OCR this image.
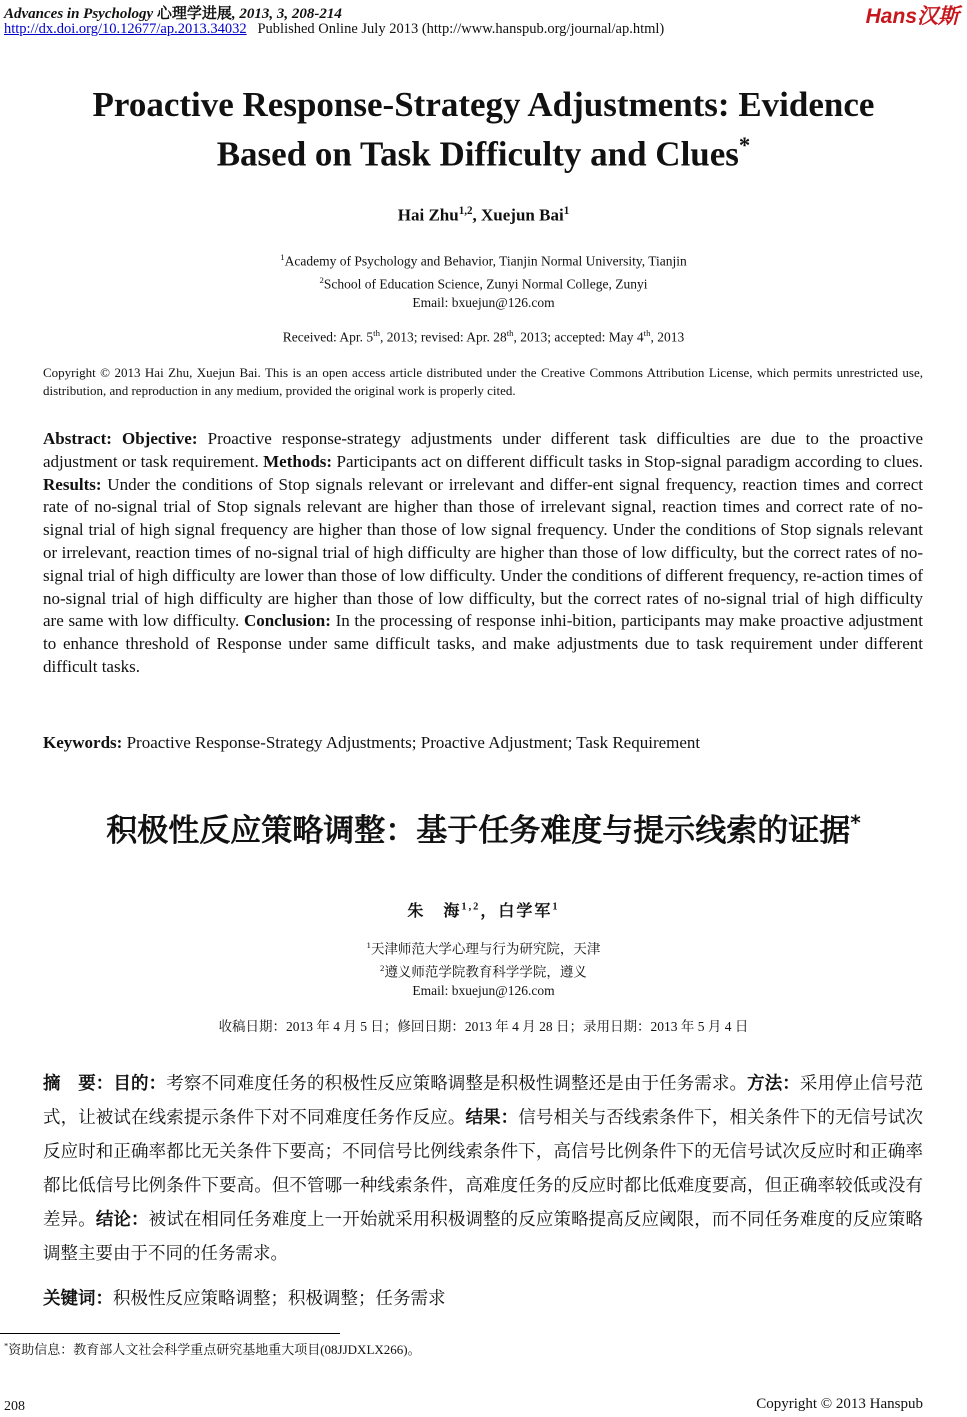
Advances in Psychology 心理学进展, 2013, 3, 208-214
http://dx.doi.org/10.12677/ap.2013.34032 Published Online July 2013 (http://www.hanspub.org/journal/ap.html)
Hans汉斯
Proactive Response-Strategy Adjustments: Evidence
Based on Task Difficulty and Clues*
Hai Zhu$^{1,2}$, Xuejun Bai$^1$
$^1$Academy of Psychology and Behavior, Tianjin Normal University, Tianjin
$^2$School of Education Science, Zunyi Normal College, Zunyi
Email: bxuejun@126.com
Received: Apr. 5th, 2013; revised: Apr. 28th, 2013; accepted: May 4th, 2013
Copyright © 2013 Hai Zhu, Xuejun Bai. This is an open access article distributed under the Creative Commons Attribution License, which permits unrestricted use, distribution, and reproduction in any medium, provided the original work is properly cited.
Abstract: Objective: Proactive response-strategy adjustments under different task difficulties are due to the proactive adjustment or task requirement. Methods: Participants act on different difficult tasks in Stop-signal paradigm according to clues. Results: Under the conditions of Stop signals relevant or irrelevant and differ-ent signal frequency, reaction times and correct rate of no-signal trial of Stop signals relevant are higher than those of irrelevant signal, reaction times and correct rate of no-signal trial of high signal frequency are higher than those of low signal frequency. Under the conditions of Stop signals relevant or irrelevant, reaction times of no-signal trial of high difficulty are higher than those of low difficulty, but the correct rates of no-signal trial of high difficulty are lower than those of low difficulty. Under the conditions of different frequency, re-action times of no-signal trial of high difficulty are higher than those of low difficulty, but the correct rates of no-signal trial of high difficulty are same with low difficulty. Conclusion: In the processing of response inhi-bition, participants may make proactive adjustment to enhance threshold of Response under same difficult tasks, and make adjustments due to task requirement under different difficult tasks.
Keywords: Proactive Response-Strategy Adjustments; Proactive Adjustment; Task Requirement
积极性反应策略调整：基于任务难度与提示线索的证据*
朱　海$^{1,2}$，白学军$^1$
$^1$天津师范大学心理与行为研究院，天津
$^2$遵义师范学院教育科学学院，遵义
Email: bxuejun@126.com
收稿日期：2013 年 4 月 5 日；修回日期：2013 年 4 月 28 日；录用日期：2013 年 5 月 4 日
摘　要：目的：考察不同难度任务的积极性反应策略调整是积极性调整还是由于任务需求。方法：采用停止信号范式，让被试在线索提示条件下对不同难度任务作反应。结果：信号相关与否线索条件下，相关条件下的无信号试次反应时和正确率都比无关条件下要高；不同信号比例线索条件下，高信号比例条件下的无信号试次反应时和正确率都比低信号比例条件下要高。但不管哪一种线索条件，高难度任务的反应时都比低难度要高，但正确率较低或没有差异。结论：被试在相同任务难度上一开始就采用积极调整的反应策略提高反应阈限，而不同任务难度的反应策略调整主要由于不同的任务需求。
关键词：积极性反应策略调整；积极调整；任务需求
*资助信息：教育部人文社会科学重点研究基地重大项目(08JJDXLX266)。
208	Copyright © 2013 Hanspub
